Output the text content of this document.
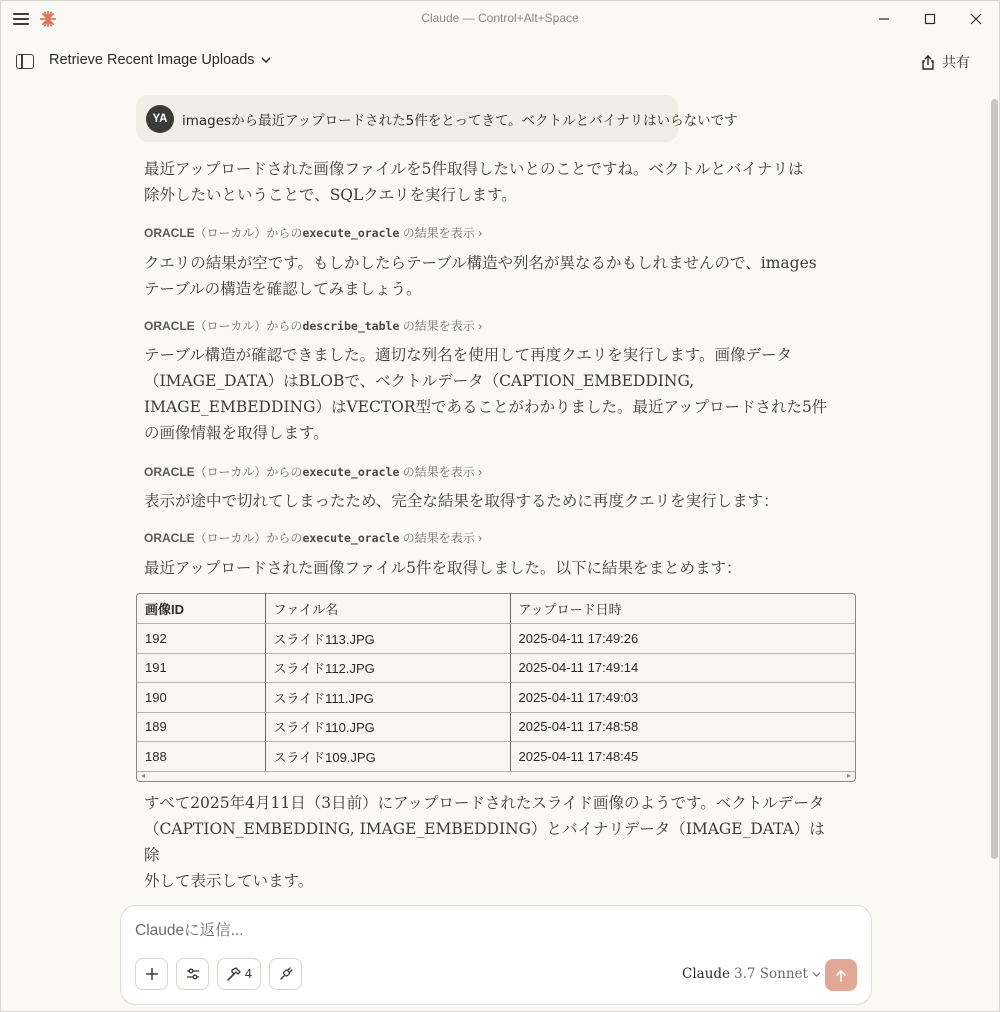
Claude — Control+Alt+Space
Retrieve Recent Image Uploads	共有
YA	imagesから最近アップロードされた5件をとってきて。ベクトルとバイナリはいらないです
最近アップロードされた画像ファイルを5件取得したいとのことですね。ベクトルとバイナリは
除外したいということで、SQLクエリを実行します。
ORACLE（ローカル）からのexecute_oracle の結果を表示 ›
クエリの結果が空です。もしかしたらテーブル構造や列名が異なるかもしれませんので、images
テーブルの構造を確認してみましょう。
ORACLE（ローカル）からのdescribe_table の結果を表示 ›
テーブル構造が確認できました。適切な列名を使用して再度クエリを実行します。画像データ
（IMAGE_DATA）はBLOBで、ベクトルデータ（CAPTION_EMBEDDING,
IMAGE_EMBEDDING）はVECTOR型であることがわかりました。最近アップロードされた5件
の画像情報を取得します。
ORACLE（ローカル）からのexecute_oracle の結果を表示 ›
表示が途中で切れてしまったため、完全な結果を取得するために再度クエリを実行します：
ORACLE（ローカル）からのexecute_oracle の結果を表示 ›
最近アップロードされた画像ファイル5件を取得しました。以下に結果をまとめます：
画像ID	ファイル名	アップロード日時
192	スライド113.JPG	2025-04-11 17:49:26
191	スライド112.JPG	2025-04-11 17:49:14
190	スライド111.JPG	2025-04-11 17:49:03
189	スライド110.JPG	2025-04-11 17:48:58
188	スライド109.JPG	2025-04-11 17:48:45
◂	▸
すべて2025年4月11日（3日前）にアップロードされたスライド画像のようです。ベクトルデータ
（CAPTION_EMBEDDING, IMAGE_EMBEDDING）とバイナリデータ（IMAGE_DATA）は除
外して表示しています。
Claudeに返信...
4	Claude 3.7 Sonnet
